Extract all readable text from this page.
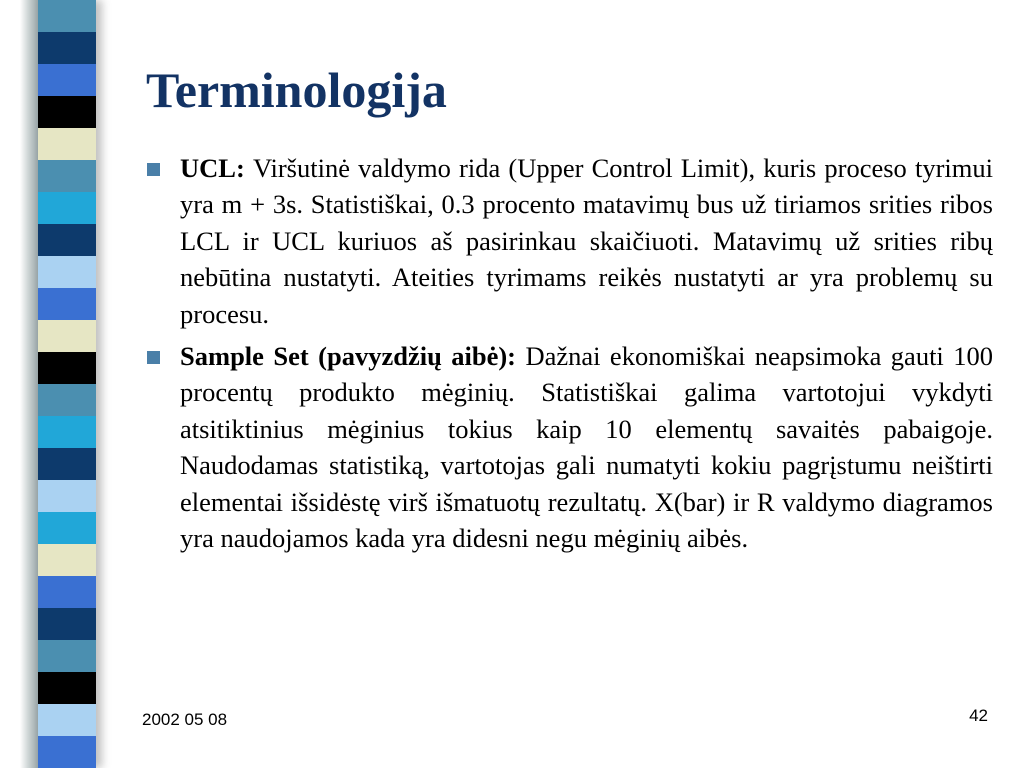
Terminologija
UCL: Viršutinė valdymo rida (Upper Control Limit), kuris proceso tyrimui yra m + 3s. Statistiškai, 0.3 procento matavimų bus už tiriamos srities ribos LCL ir UCL kuriuos aš pasirinkau skaičiuoti. Matavimų už srities ribų nebūtina nustatyti. Ateities tyrimams reikės nustatyti ar yra problemų su procesu.
Sample Set (pavyzdžių aibė): Dažnai ekonomiškai neapsimoka gauti 100 procentų produkto mėginių. Statistiškai galima vartotojui vykdyti atsitiktinius mėginius tokius kaip 10 elementų savaitės pabaigoje. Naudodamas statistiką, vartotojas gali numatyti kokiu pagrįstumu neištirti elementai išsidėstę virš išmatuotų rezultatų. X(bar) ir R valdymo diagramos yra naudojamos kada yra didesni negu mėginių aibės.
2002 05 08	42
